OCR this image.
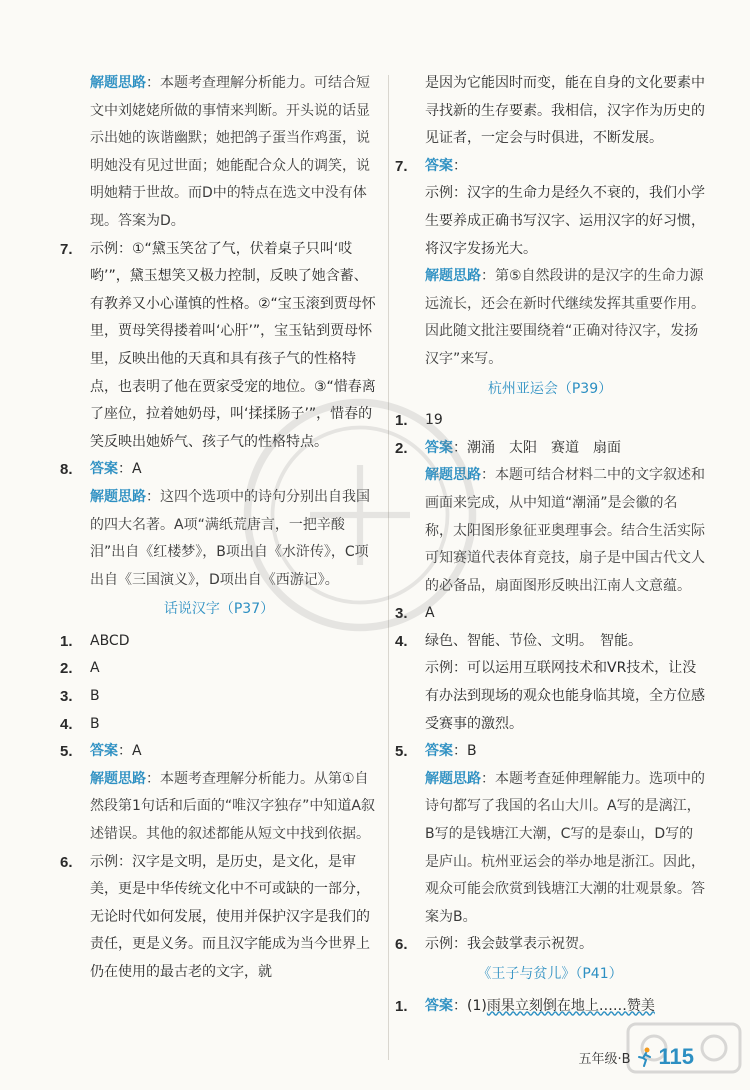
解题思路：本题考查理解分析能力。可结合短文中刘姥姥所做的事情来判断。开头说的话显示出她的诙谐幽默；她把鸽子蛋当作鸡蛋，说明她没有见过世面；她能配合众人的调笑，说明她精于世故。而D中的特点在选文中没有体现。答案为D。
7. 示例：①“黛玉笑岔了气，伏着桌子只叫‘哎哟’”，黛玉想笑又极力控制，反映了她含蓄、有教养又小心谨慎的性格。②“宝玉滚到贾母怀里，贾母笑得搂着叫‘心肝’”，宝玉钻到贾母怀里，反映出他的天真和具有孩子气的性格特点，也表明了他在贾家受宠的地位。③“惜春离了座位，拉着她奶母，叫‘揉揉肠子’”，惜春的笑反映出她娇气、孩子气的性格特点。
8. 答案：A
解题思路：这四个选项中的诗句分别出自我国的四大名著。A项“满纸荒唐言，一把辛酸泪”出自《红楼梦》，B项出自《水浒传》，C项出自《三国演义》，D项出自《西游记》。
话说汉字（P37）
1. ABCD
2. A
3. B
4. B
5. 答案：A
解题思路：本题考查理解分析能力。从第①自然段第1句话和后面的“唯汉字独存”中知道A叙述错误。其他的叙述都能从短文中找到依据。
6. 示例：汉字是文明，是历史，是文化，是审美，更是中华传统文化中不可或缺的一部分，无论时代如何发展，使用并保护汉字是我们的责任，更是义务。而且汉字能成为当今世界上仍在使用的最古老的文字，就
是因为它能因时而变，能在自身的文化要素中寻找新的生存要素。我相信，汉字作为历史的见证者，一定会与时俱进，不断发展。
7. 答案：
示例：汉字的生命力是经久不衰的，我们小学生要养成正确书写汉字、运用汉字的好习惯，将汉字发扬光大。
解题思路：第⑤自然段讲的是汉字的生命力源远流长，还会在新时代继续发挥其重要作用。因此随文批注要围绕着“正确对待汉字，发扬汉字”来写。
杭州亚运会（P39）
1. 19
2. 答案：潮涌　太阳　赛道　扇面
解题思路：本题可结合材料二中的文字叙述和画面来完成，从中知道“潮涌”是会徽的名称，太阳图形象征亚奥理事会。结合生活实际可知赛道代表体育竞技，扇子是中国古代文人的必备品，扇面图形反映出江南人文意蕴。
3. A
4. 绿色、智能、节俭、文明。　智能。
示例：可以运用互联网技术和VR技术，让没有办法到现场的观众也能身临其境，全方位感受赛事的激烈。
5. 答案：B
解题思路：本题考查延伸理解能力。选项中的诗句都写了我国的名山大川。A写的是漓江，B写的是钱塘江大潮，C写的是泰山，D写的是庐山。杭州亚运会的举办地是浙江。因此，观众可能会欣赏到钱塘江大潮的壮观景象。答案为B。
6. 示例：我会鼓掌表示祝贺。
《王子与贫儿》（P41）
1. 答案：(1)雨果立刻倒在地上……赞美
五年级·B 115
